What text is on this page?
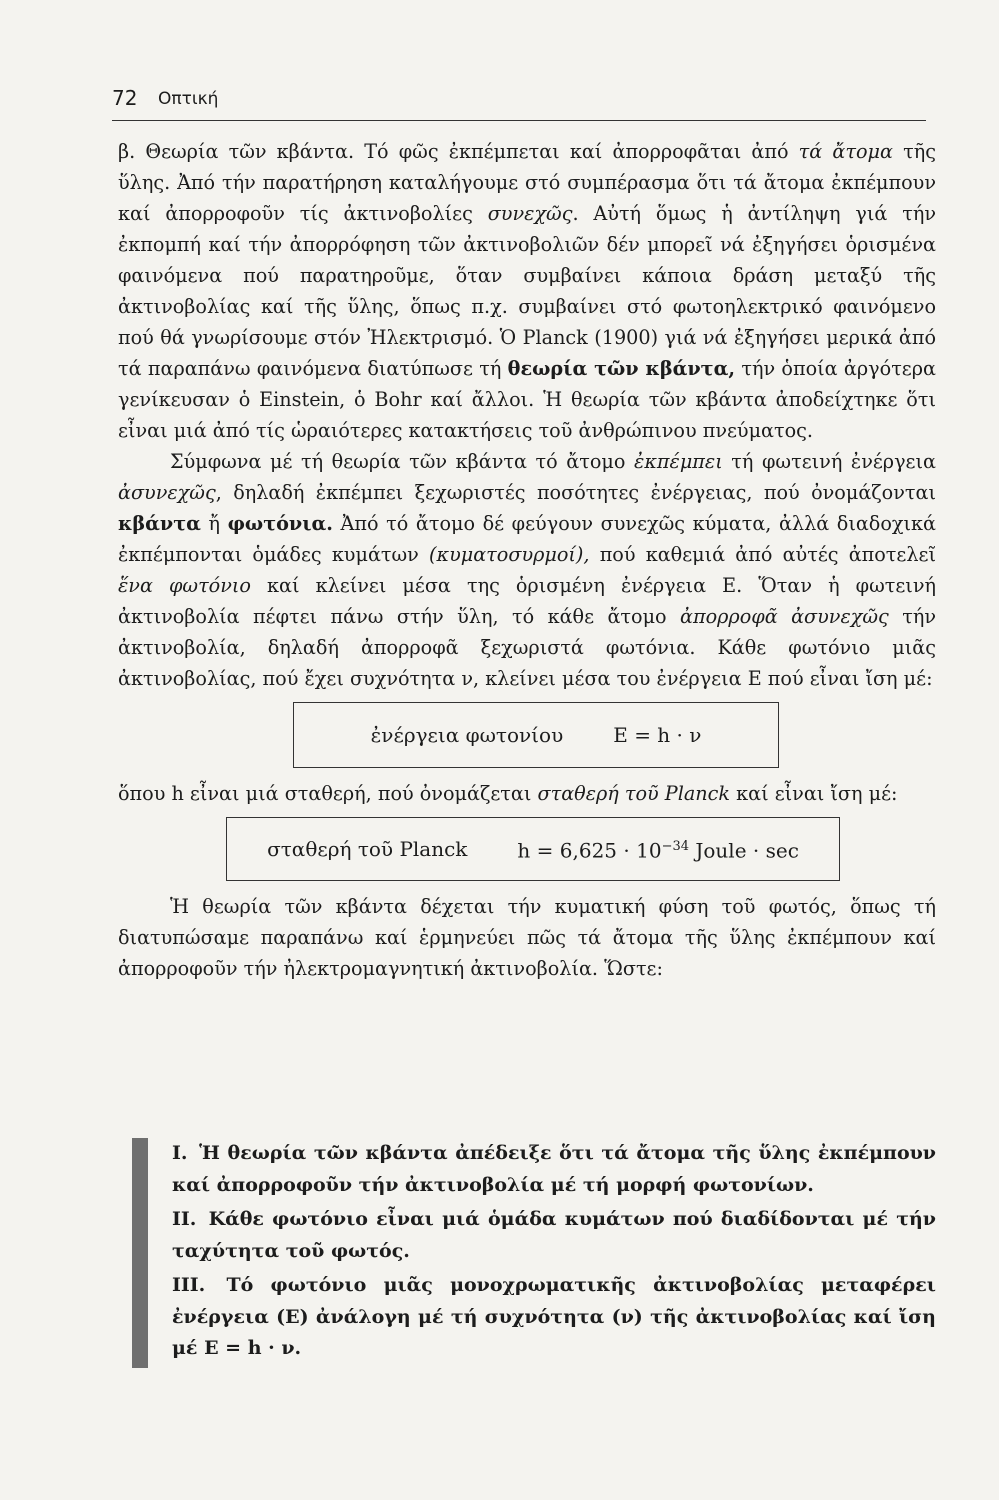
72 Οπτική

β. Θεωρία τῶν κβάντα. Τό φῶς ἐκπέμπεται καί ἀπορροφᾶται ἀπό τά ἄτομα τῆς ὕλης. Ἀπό τήν παρατήρηση καταλήγουμε στό συμπέρασμα ὅτι τά ἄτομα ἐκπέμπουν καί ἀπορροφοῦν τίς ἀκτινοβολίες συνεχῶς. Αὐτή ὅμως ἡ ἀντίληψη γιά τήν ἐκπομπή καί τήν ἀπορρόφηση τῶν ἀκτινοβολιῶν δέν μπορεῖ νά ἐξηγήσει ὁρισμένα φαινόμενα πού παρατηροῦμε, ὅταν συμβαίνει κάποια δράση μεταξύ τῆς ἀκτινοβολίας καί τῆς ὕλης, ὅπως π.χ. συμβαίνει στό φωτοηλεκτρικό φαινόμενο πού θά γνωρίσουμε στόν Ἠλεκτρισμό. Ὁ Planck (1900) γιά νά ἐξηγήσει μερικά ἀπό τά παραπάνω φαινόμενα διατύπωσε τή θεωρία τῶν κβάντα, τήν ὁποία ἀργότερα γενίκευσαν ὁ Einstein, ὁ Bohr καί ἄλλοι. Ἡ θεωρία τῶν κβάντα ἀποδείχτηκε ὅτι εἶναι μιά ἀπό τίς ὡραιότερες κατακτήσεις τοῦ ἀνθρώπινου πνεύματος.

Σύμφωνα μέ τή θεωρία τῶν κβάντα τό ἄτομο ἐκπέμπει τή φωτεινή ἐνέργεια ἀσυνεχῶς, δηλαδή ἐκπέμπει ξεχωριστές ποσότητες ἐνέργειας, πού ὀνομάζονται κβάντα ἤ φωτόνια. Ἀπό τό ἄτομο δέ φεύγουν συνεχῶς κύματα, ἀλλά διαδοχικά ἐκπέμπονται ὁμάδες κυμάτων (κυματοσυρμοί), πού καθεμιά ἀπό αὐτές ἀποτελεῖ ἕνα φωτόνιο καί κλείνει μέσα της ὁρισμένη ἐνέργεια Ε. Ὅταν ἡ φωτεινή ἀκτινοβολία πέφτει πάνω στήν ὕλη, τό κάθε ἄτομο ἀπορροφᾶ ἀσυνεχῶς τήν ἀκτινοβολία, δηλαδή ἀπορροφᾶ ξεχωριστά φωτόνια. Κάθε φωτόνιο μιᾶς ἀκτινοβολίας, πού ἔχει συχνότητα ν, κλείνει μέσα του ἐνέργεια Ε πού εἶναι ἴση μέ:

ἐνέργεια φωτονίου	Ε = h · ν

ὅπου h εἶναι μιά σταθερή, πού ὀνομάζεται σταθερή τοῦ Planck καί εἶναι ἴση μέ:

σταθερή τοῦ Planck	$h = 6,625 \cdot 10^{-34}$ Joule · sec

Ἡ θεωρία τῶν κβάντα δέχεται τήν κυματική φύση τοῦ φωτός, ὅπως τή διατυπώσαμε παραπάνω καί ἑρμηνεύει πῶς τά ἄτομα τῆς ὕλης ἐκπέμπουν καί ἀπορροφοῦν τήν ἠλεκτρομαγνητική ἀκτινοβολία. Ὥστε:

I. Ἡ θεωρία τῶν κβάντα ἀπέδειξε ὅτι τά ἄτομα τῆς ὕλης ἐκπέμπουν καί ἀπορροφοῦν τήν ἀκτινοβολία μέ τή μορφή φωτονίων.
II. Κάθε φωτόνιο εἶναι μιά ὁμάδα κυμάτων πού διαδίδονται μέ τήν ταχύτητα τοῦ φωτός.
III. Τό φωτόνιο μιᾶς μονοχρωματικῆς ἀκτινοβολίας μεταφέρει ἐνέργεια (Ε) ἀνάλογη μέ τή συχνότητα (ν) τῆς ἀκτινοβολίας καί ἴση μέ Ε = h · ν.
